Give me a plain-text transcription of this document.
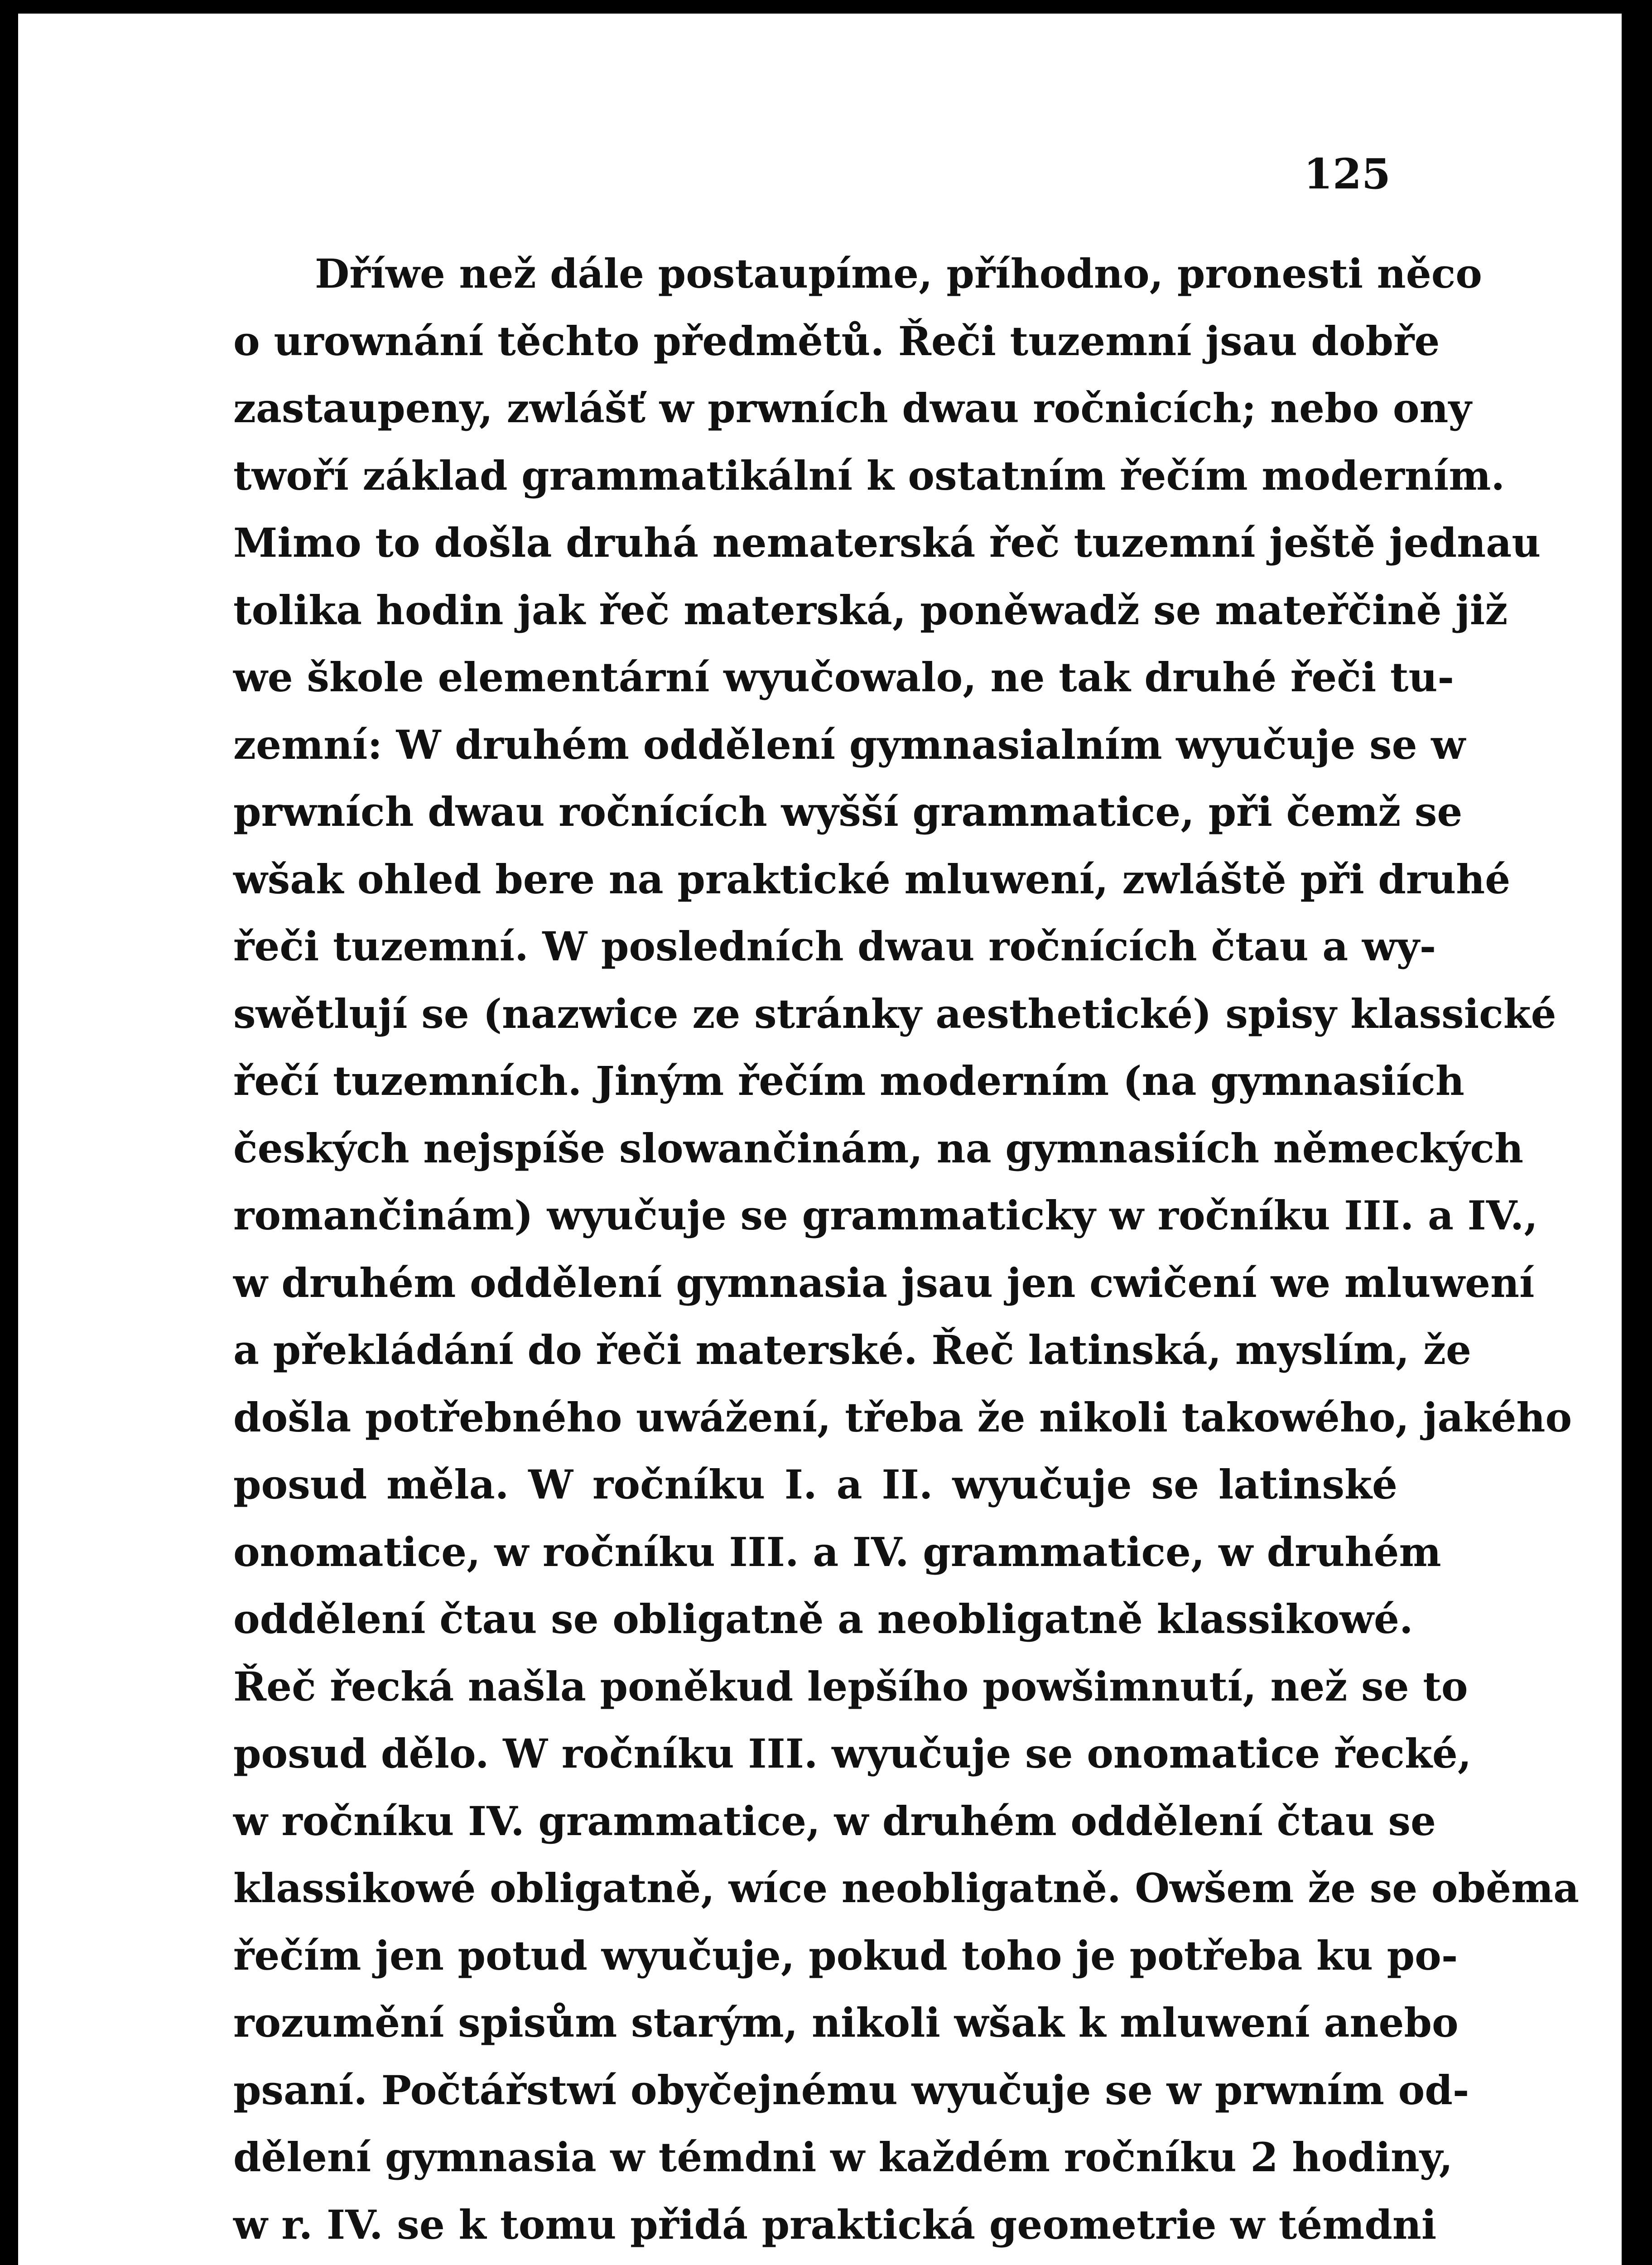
125
Dříwe než dále postaupíme, příhodno, pronesti něco
o urownání těchto předmětů. Řeči tuzemní jsau dobře
zastaupeny, zwlášť w prwních dwau ročnicích; nebo ony
twoří základ grammatikální k ostatním řečím moderním.
Mimo to došla druhá nematerská řeč tuzemní ještě jednau
tolika hodin jak řeč materská, poněwadž se mateřčině již
we škole elementární wyučowalo, ne tak druhé řeči tu-
zemní: W druhém oddělení gymnasialním wyučuje se w
prwních dwau ročnících wyšší grammatice, při čemž se
wšak ohled bere na praktické mluwení, zwláště při druhé
řeči tuzemní. W posledních dwau ročnících čtau a wy-
swětlují se (nazwice ze stránky aesthetické) spisy klassické
řečí tuzemních. Jiným řečím moderním (na gymnasiích
českých nejspíše slowančinám, na gymnasiích německých
romančinám) wyučuje se grammaticky w ročníku III. a IV.,
w druhém oddělení gymnasia jsau jen cwičení we mluwení
a překládání do řeči materské. Řeč latinská, myslím, že
došla potřebného uwážení, třeba že nikoli takowého, jakého
posud měla. W ročníku I. a II. wyučuje se latinské
onomatice, w ročníku III. a IV. grammatice, w druhém
oddělení čtau se obligatně a neobligatně klassikowé.
Řeč řecká našla poněkud lepšího powšimnutí, než se to
posud dělo. W ročníku III. wyučuje se onomatice řecké,
w ročníku IV. grammatice, w druhém oddělení čtau se
klassikowé obligatně, wíce neobligatně. Owšem že se oběma
řečím jen potud wyučuje, pokud toho je potřeba ku po-
rozumění spisům starým, nikoli wšak k mluwení anebo
psaní. Počtářstwí obyčejnému wyučuje se w prwním od-
dělení gymnasia w témdni w každém ročníku 2 hodiny,
w r. IV. se k tomu přidá praktická geometrie w témdni
